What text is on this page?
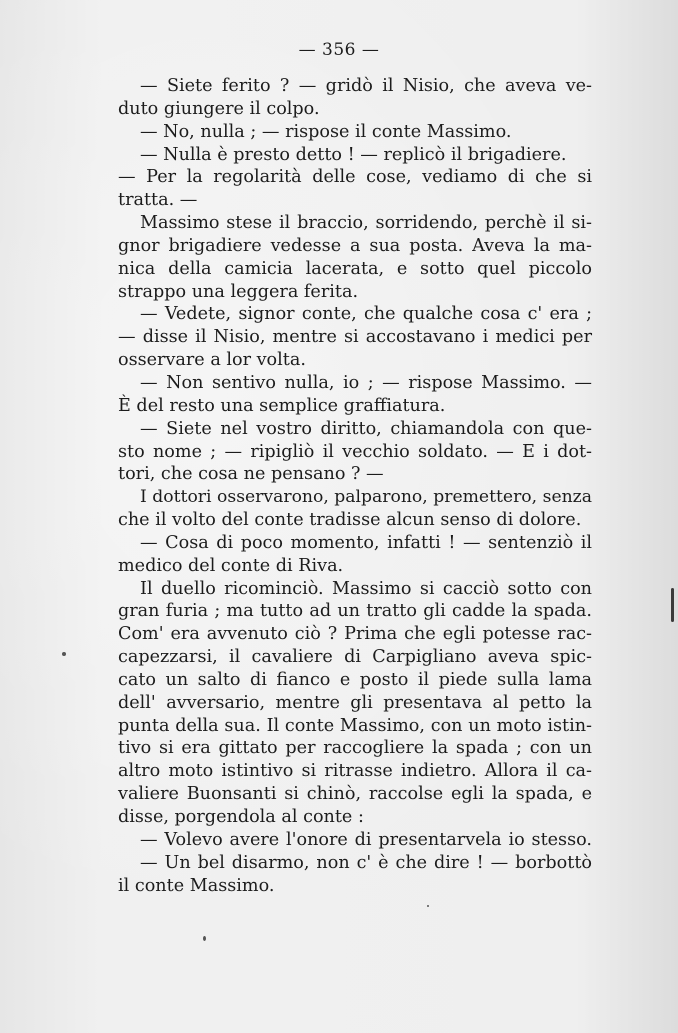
— 356 —
— Siete ferito ? — gridò il Nisio, che aveva ve-
duto giungere il colpo.
— No, nulla ; — rispose il conte Massimo.
— Nulla è presto detto ! — replicò il brigadiere.
— Per la regolarità delle cose, vediamo di che si
tratta. —
Massimo stese il braccio, sorridendo, perchè il si-
gnor brigadiere vedesse a sua posta. Aveva la ma-
nica della camicia lacerata, e sotto quel piccolo
strappo una leggera ferita.
— Vedete, signor conte, che qualche cosa c' era ;
— disse il Nisio, mentre si accostavano i medici per
osservare a lor volta.
— Non sentivo nulla, io ; — rispose Massimo. —
È del resto una semplice graffiatura.
— Siete nel vostro diritto, chiamandola con que-
sto nome ; — ripigliò il vecchio soldato. — E i dot-
tori, che cosa ne pensano ? —
I dottori osservarono, palparono, premettero, senza
che il volto del conte tradisse alcun senso di dolore.
— Cosa di poco momento, infatti ! — sentenziò il
medico del conte di Riva.
Il duello ricominciò. Massimo si cacciò sotto con
gran furia ; ma tutto ad un tratto gli cadde la spada.
Com' era avvenuto ciò ? Prima che egli potesse rac-
capezzarsi, il cavaliere di Carpigliano aveva spic-
cato un salto di fianco e posto il piede sulla lama
dell' avversario, mentre gli presentava al petto la
punta della sua. Il conte Massimo, con un moto istin-
tivo si era gittato per raccogliere la spada ; con un
altro moto istintivo si ritrasse indietro. Allora il ca-
valiere Buonsanti si chinò, raccolse egli la spada, e
disse, porgendola al conte :
— Volevo avere l'onore di presentarvela io stesso.
— Un bel disarmo, non c' è che dire ! — borbottò
il conte Massimo.
